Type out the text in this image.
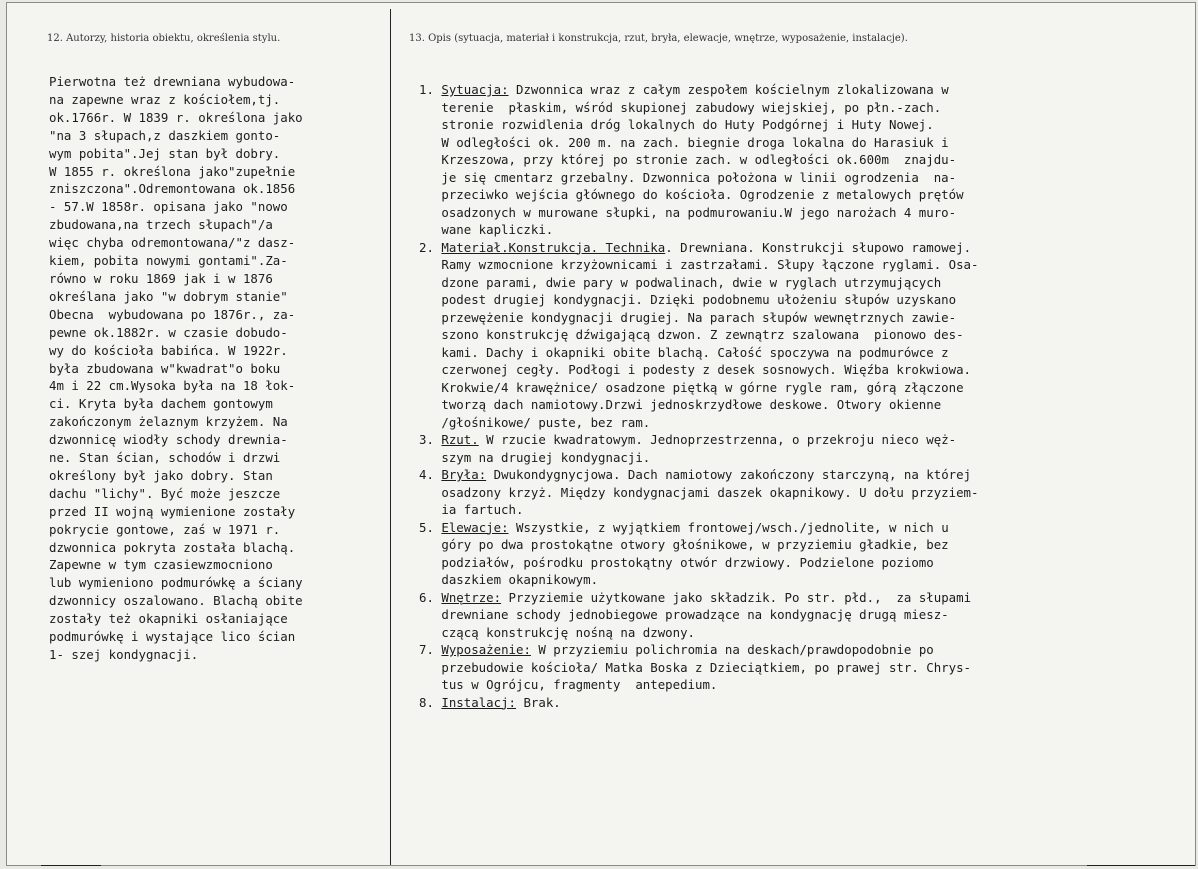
12. Autorzy, historia obiektu, określenia stylu.	13. Opis (sytuacja, materiał i konstrukcja, rzut, bryła, elewacje, wnętrze, wyposażenie, instalacje).
Pierwotna też drewniana wybudowa-
na zapewne wraz z kościołem,tj.
ok.1766r. W 1839 r. określona jako
"na 3 słupach,z daszkiem gonto-
wym pobita".Jej stan był dobry.
W 1855 r. określona jako"zupełnie
zniszczona".Odremontowana ok.1856
- 57.W 1858r. opisana jako "nowo
zbudowana,na trzech słupach"/a
więc chyba odremontowana/"z dasz-
kiem, pobita nowymi gontami".Za-
równo w roku 1869 jak i w 1876
określana jako "w dobrym stanie"
Obecna  wybudowana po 1876r., za-
pewne ok.1882r. w czasie dobudo-
wy do kościoła babińca. W 1922r.
była zbudowana w"kwadrat"o boku
4m i 22 cm.Wysoka była na 18 łok-
ci. Kryta była dachem gontowym
zakończonym żelaznym krzyżem. Na
dzwonnicę wiodły schody drewnia-
ne. Stan ścian, schodów i drzwi
określony był jako dobry. Stan
dachu "lichy". Być może jeszcze
przed II wojną wymienione zostały
pokrycie gontowe, zaś w 1971 r.
dzwonnica pokryta została blachą.
Zapewne w tym czasiewzmocniono
lub wymieniono podmurówkę a ściany
dzwonnicy oszalowano. Blachą obite
zostały też okapniki osłaniające
podmurówkę i wystające lico ścian
1- szej kondygnacji.
1. Sytuacja: Dzwonnica wraz z całym zespołem kościelnym zlokalizowana w
terenie  płaskim, wśród skupionej zabudowy wiejskiej, po płn.-zach.
stronie rozwidlenia dróg lokalnych do Huty Podgórnej i Huty Nowej.
W odległości ok. 200 m. na zach. biegnie droga lokalna do Harasiuk i
Krzeszowa, przy której po stronie zach. w odległości ok.600m  znajdu-
je się cmentarz grzebalny. Dzwonnica położona w linii ogrodzenia  na-
przeciwko wejścia głównego do kościoła. Ogrodzenie z metalowych prętów
osadzonych w murowane słupki, na podmurowaniu.W jego narożach 4 muro-
wane kapliczki.
2. Materiał.Konstrukcja. Technika. Drewniana. Konstrukcji słupowo ramowej.
Ramy wzmocnione krzyżownicami i zastrzałami. Słupy łączone ryglami. Osa-
dzone parami, dwie pary w podwalinach, dwie w ryglach utrzymujących
podest drugiej kondygnacji. Dzięki podobnemu ułożeniu słupów uzyskano
przewężenie kondygnacji drugiej. Na parach słupów wewnętrznych zawie-
szono konstrukcję dźwigającą dzwon. Z zewnątrz szalowana  pionowo des-
kami. Dachy i okapniki obite blachą. Całość spoczywa na podmurówce z
czerwonej cegły. Podłogi i podesty z desek sosnowych. Więźba krokwiowa.
Krokwie/4 krawężnice/ osadzone piętką w górne rygle ram, górą złączone
tworzą dach namiotowy.Drzwi jednoskrzydłowe deskowe. Otwory okienne
/głośnikowe/ puste, bez ram.
3. Rzut. W rzucie kwadratowym. Jednoprzestrzenna, o przekroju nieco węż-
szym na drugiej kondygnacji.
4. Bryła: Dwukondygnycjowa. Dach namiotowy zakończony starczyną, na której
osadzony krzyż. Między kondygnacjami daszek okapnikowy. U dołu przyziem-
ia fartuch.
5. Elewacje: Wszystkie, z wyjątkiem frontowej/wsch./jednolite, w nich u
góry po dwa prostokątne otwory głośnikowe, w przyziemiu gładkie, bez
podziałów, pośrodku prostokątny otwór drzwiowy. Podzielone poziomo
daszkiem okapnikowym.
6. Wnętrze: Przyziemie użytkowane jako składzik. Po str. płd.,  za słupami
drewniane schody jednobiegowe prowadzące na kondygnację drugą miesz-
czącą konstrukcję nośną na dzwony.
7. Wyposażenie: W przyziemiu polichromia na deskach/prawdopodobnie po
przebudowie kościoła/ Matka Boska z Dzieciątkiem, po prawej str. Chrys-
tus w Ogrójcu, fragmenty  antepedium.
8. Instalacj: Brak.
